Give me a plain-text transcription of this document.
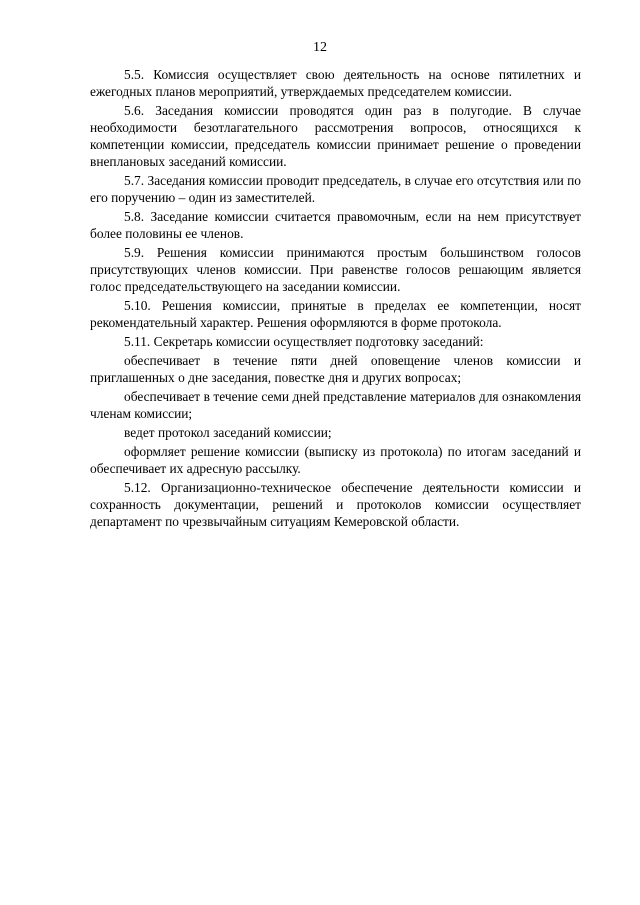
12

5.5. Комиссия осуществляет свою деятельность на основе пятилетних и ежегодных планов мероприятий, утверждаемых председателем комиссии.

5.6. Заседания комиссии проводятся один раз в полугодие. В случае необходимости безотлагательного рассмотрения вопросов, относящихся к компетенции комиссии, председатель комиссии принимает решение о проведении внеплановых заседаний комиссии.

5.7. Заседания комиссии проводит председатель, в случае его отсутствия или по его поручению – один из заместителей.

5.8. Заседание комиссии считается правомочным, если на нем присутствует более половины ее членов.

5.9. Решения комиссии принимаются простым большинством голосов присутствующих членов комиссии. При равенстве голосов решающим является голос председательствующего на заседании комиссии.

5.10. Решения комиссии, принятые в пределах ее компетенции, носят рекомендательный характер. Решения оформляются в форме протокола.

5.11. Секретарь комиссии осуществляет подготовку заседаний:

обеспечивает в течение пяти дней оповещение членов комиссии и приглашенных о дне заседания, повестке дня и других вопросах;

обеспечивает в течение семи дней представление материалов для ознакомления членам комиссии;

ведет протокол заседаний комиссии;

оформляет решение комиссии (выписку из протокола) по итогам заседаний и обеспечивает их адресную рассылку.

5.12. Организационно-техническое обеспечение деятельности комиссии и сохранность документации, решений и протоколов комиссии осуществляет департамент по чрезвычайным ситуациям Кемеровской области.
